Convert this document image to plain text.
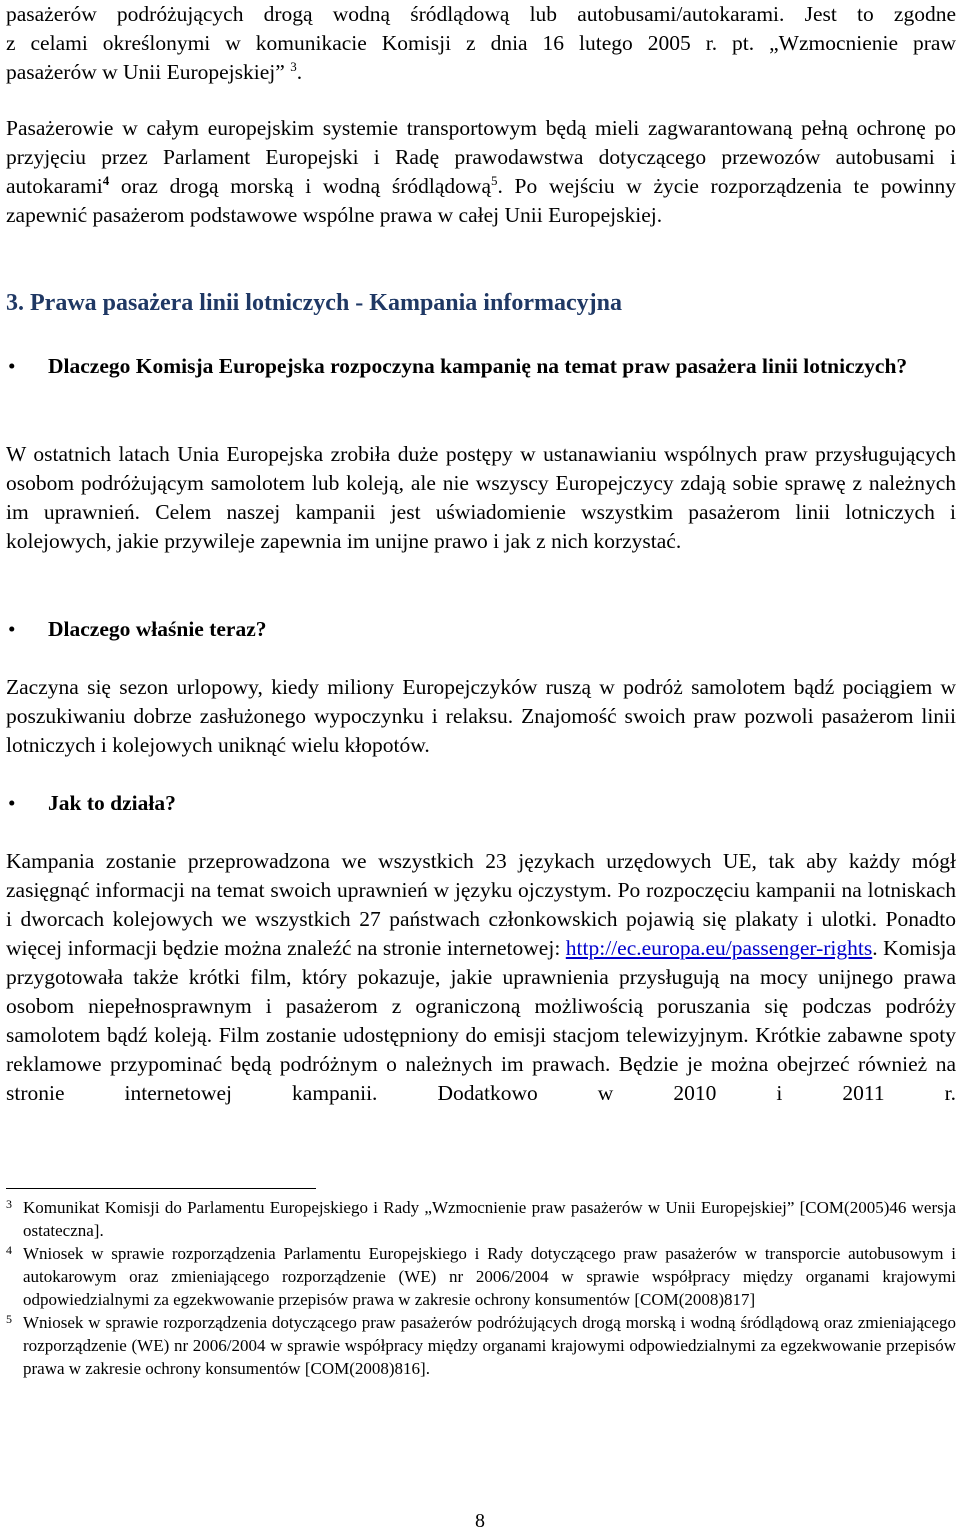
pasażerów podróżujących drogą wodną śródlądową lub autobusami/autokarami. Jest to zgodne

z celami określonymi w komunikacie Komisji z dnia 16 lutego 2005 r. pt. „Wzmocnienie praw

pasażerów w Unii Europejskiej” $^3$.

Pasażerowie w całym europejskim systemie transportowym będą mieli zagwarantowaną pełną ochronę po przyjęciu przez Parlament Europejski i Radę prawodawstwa dotyczącego przewozów autobusami i autokarami$^4$ oraz drogą morską i wodną śródlądową$^5$. Po wejściu w życie rozporządzenia te powinny zapewnić pasażerom podstawowe wspólne prawa w całej Unii Europejskiej.

3. Prawa pasażera linii lotniczych - Kampania informacyjna

•	Dlaczego Komisja Europejska rozpoczyna kampanię na temat praw pasażera linii lotniczych?

W ostatnich latach Unia Europejska zrobiła duże postępy w ustanawianiu wspólnych praw przysługujących osobom podróżującym samolotem lub koleją, ale nie wszyscy Europejczycy zdają sobie sprawę z należnych im uprawnień. Celem naszej kampanii jest uświadomienie wszystkim pasażerom linii lotniczych i kolejowych, jakie przywileje zapewnia im unijne prawo i jak z nich korzystać.

•	Dlaczego właśnie teraz?

Zaczyna się sezon urlopowy, kiedy miliony Europejczyków ruszą w podróż samolotem bądź pociągiem w poszukiwaniu dobrze zasłużonego wypoczynku i relaksu. Znajomość swoich praw pozwoli pasażerom linii lotniczych i kolejowych uniknąć wielu kłopotów.

•	Jak to działa?

Kampania zostanie przeprowadzona we wszystkich 23 językach urzędowych UE, tak aby każdy mógł zasięgnąć informacji na temat swoich uprawnień w języku ojczystym. Po rozpoczęciu kampanii na lotniskach i dworcach kolejowych we wszystkich 27 państwach członkowskich pojawią się plakaty i ulotki. Ponadto więcej informacji będzie można znaleźć na stronie internetowej: http://ec.europa.eu/passenger-rights. Komisja przygotowała także krótki film, który pokazuje, jakie uprawnienia przysługują na mocy unijnego prawa osobom niepełnosprawnym i pasażerom z ograniczoną możliwością poruszania się podczas podróży samolotem bądź koleją. Film zostanie udostępniony do emisji stacjom telewizyjnym. Krótkie zabawne spoty reklamowe przypominać będą podróżnym o należnych im prawach. Będzie je można obejrzeć również na stronie internetowej kampanii. Dodatkowo w 2010 i 2011 r.

3 Komunikat Komisji do Parlamentu Europejskiego i Rady „Wzmocnienie praw pasażerów w Unii Europejskiej” [COM(2005)46 wersja ostateczna].
4 Wniosek w sprawie rozporządzenia Parlamentu Europejskiego i Rady dotyczącego praw pasażerów w transporcie autobusowym i autokarowym oraz zmieniającego rozporządzenie (WE) nr 2006/2004 w sprawie współpracy między organami krajowymi odpowiedzialnymi za egzekwowanie przepisów prawa w zakresie ochrony konsumentów [COM(2008)817]
5 Wniosek w sprawie rozporządzenia dotyczącego praw pasażerów podróżujących drogą morską i wodną śródlądową oraz zmieniającego rozporządzenie (WE) nr 2006/2004 w sprawie współpracy między organami krajowymi odpowiedzialnymi za egzekwowanie przepisów prawa w zakresie ochrony konsumentów [COM(2008)816].
8
